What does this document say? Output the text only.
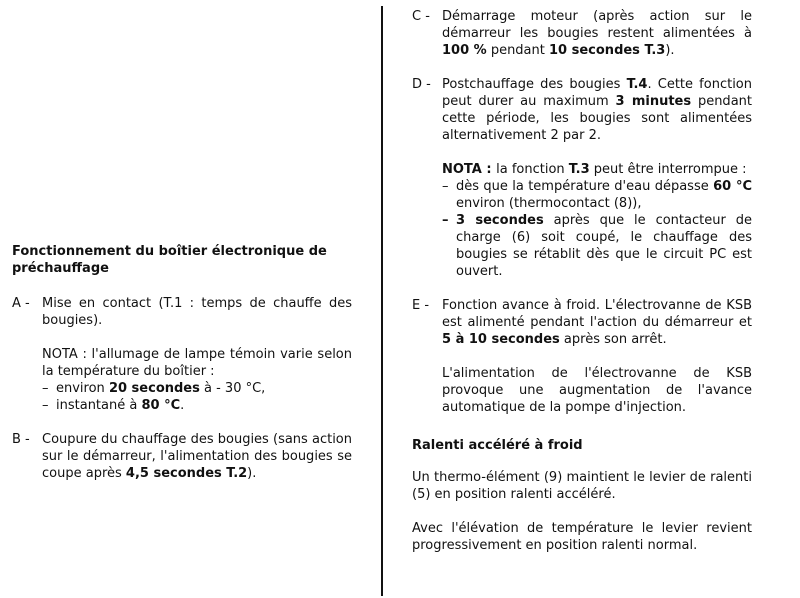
Fonctionnement du boîtier électronique de préchauffage
A - Mise en contact (T.1 : temps de chauffe des bougies).

NOTA : l'allumage de lampe témoin varie selon la température du boîtier :

– environ 20 secondes à - 30 °C,
– instantané à 80 °C.

B - Coupure du chauffage des bougies (sans action sur le démarreur, l'alimentation des bougies se coupe après 4,5 secondes T.2).

C - Démarrage moteur (après action sur le démarreur les bougies restent alimentées à 100 % pendant 10 secondes T.3).

D - Postchauffage des bougies T.4. Cette fonction peut durer au maximum 3 minutes pendant cette période, les bougies sont alimentées alternativement 2 par 2.

NOTA : la fonction T.3 peut être interrompue :
– dès que la température d'eau dépasse 60 °C environ (thermocontact (8)),
– 3 secondes après que le contacteur de charge (6) soit coupé, le chauffage des bougies se rétablit dès que le circuit PC est ouvert.

E - Fonction avance à froid. L'électrovanne de KSB est alimenté pendant l'action du démarreur et 5 à 10 secondes après son arrêt.

L'alimentation de l'électrovanne de KSB provoque une augmentation de l'avance automatique de la pompe d'injection.

Ralenti accéléré à froid

Un thermo-élément (9) maintient le levier de ralenti (5) en position ralenti accéléré.

Avec l'élévation de température le levier revient progressivement en position ralenti normal.
